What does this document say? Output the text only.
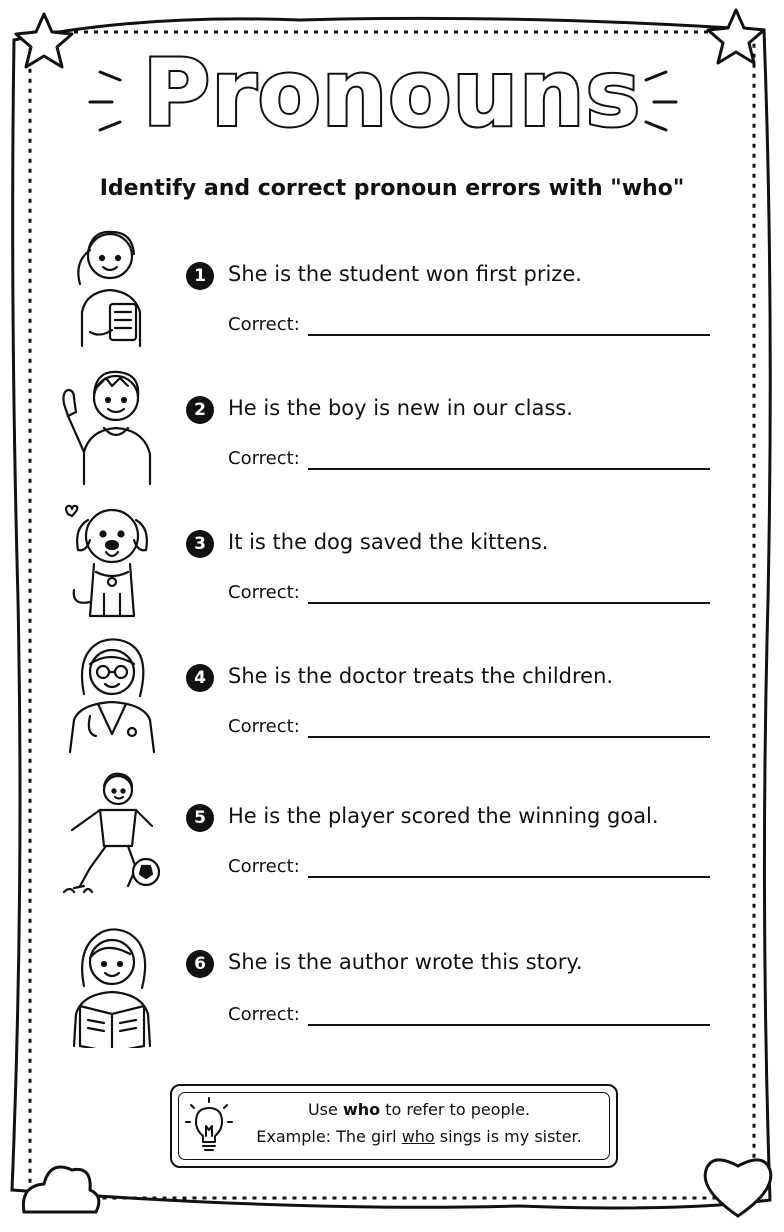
Pronouns
Identify and correct pronoun errors with "who"
1	She is the student won first prize.
Correct:
2	He is the boy is new in our class.
Correct:
3	It is the dog saved the kittens.
Correct:
4	She is the doctor treats the children.
Correct:
5	He is the player scored the winning goal.
Correct:
6	She is the author wrote this story.
Correct:
Use who to refer to people.
Example: The girl who sings is my sister.
